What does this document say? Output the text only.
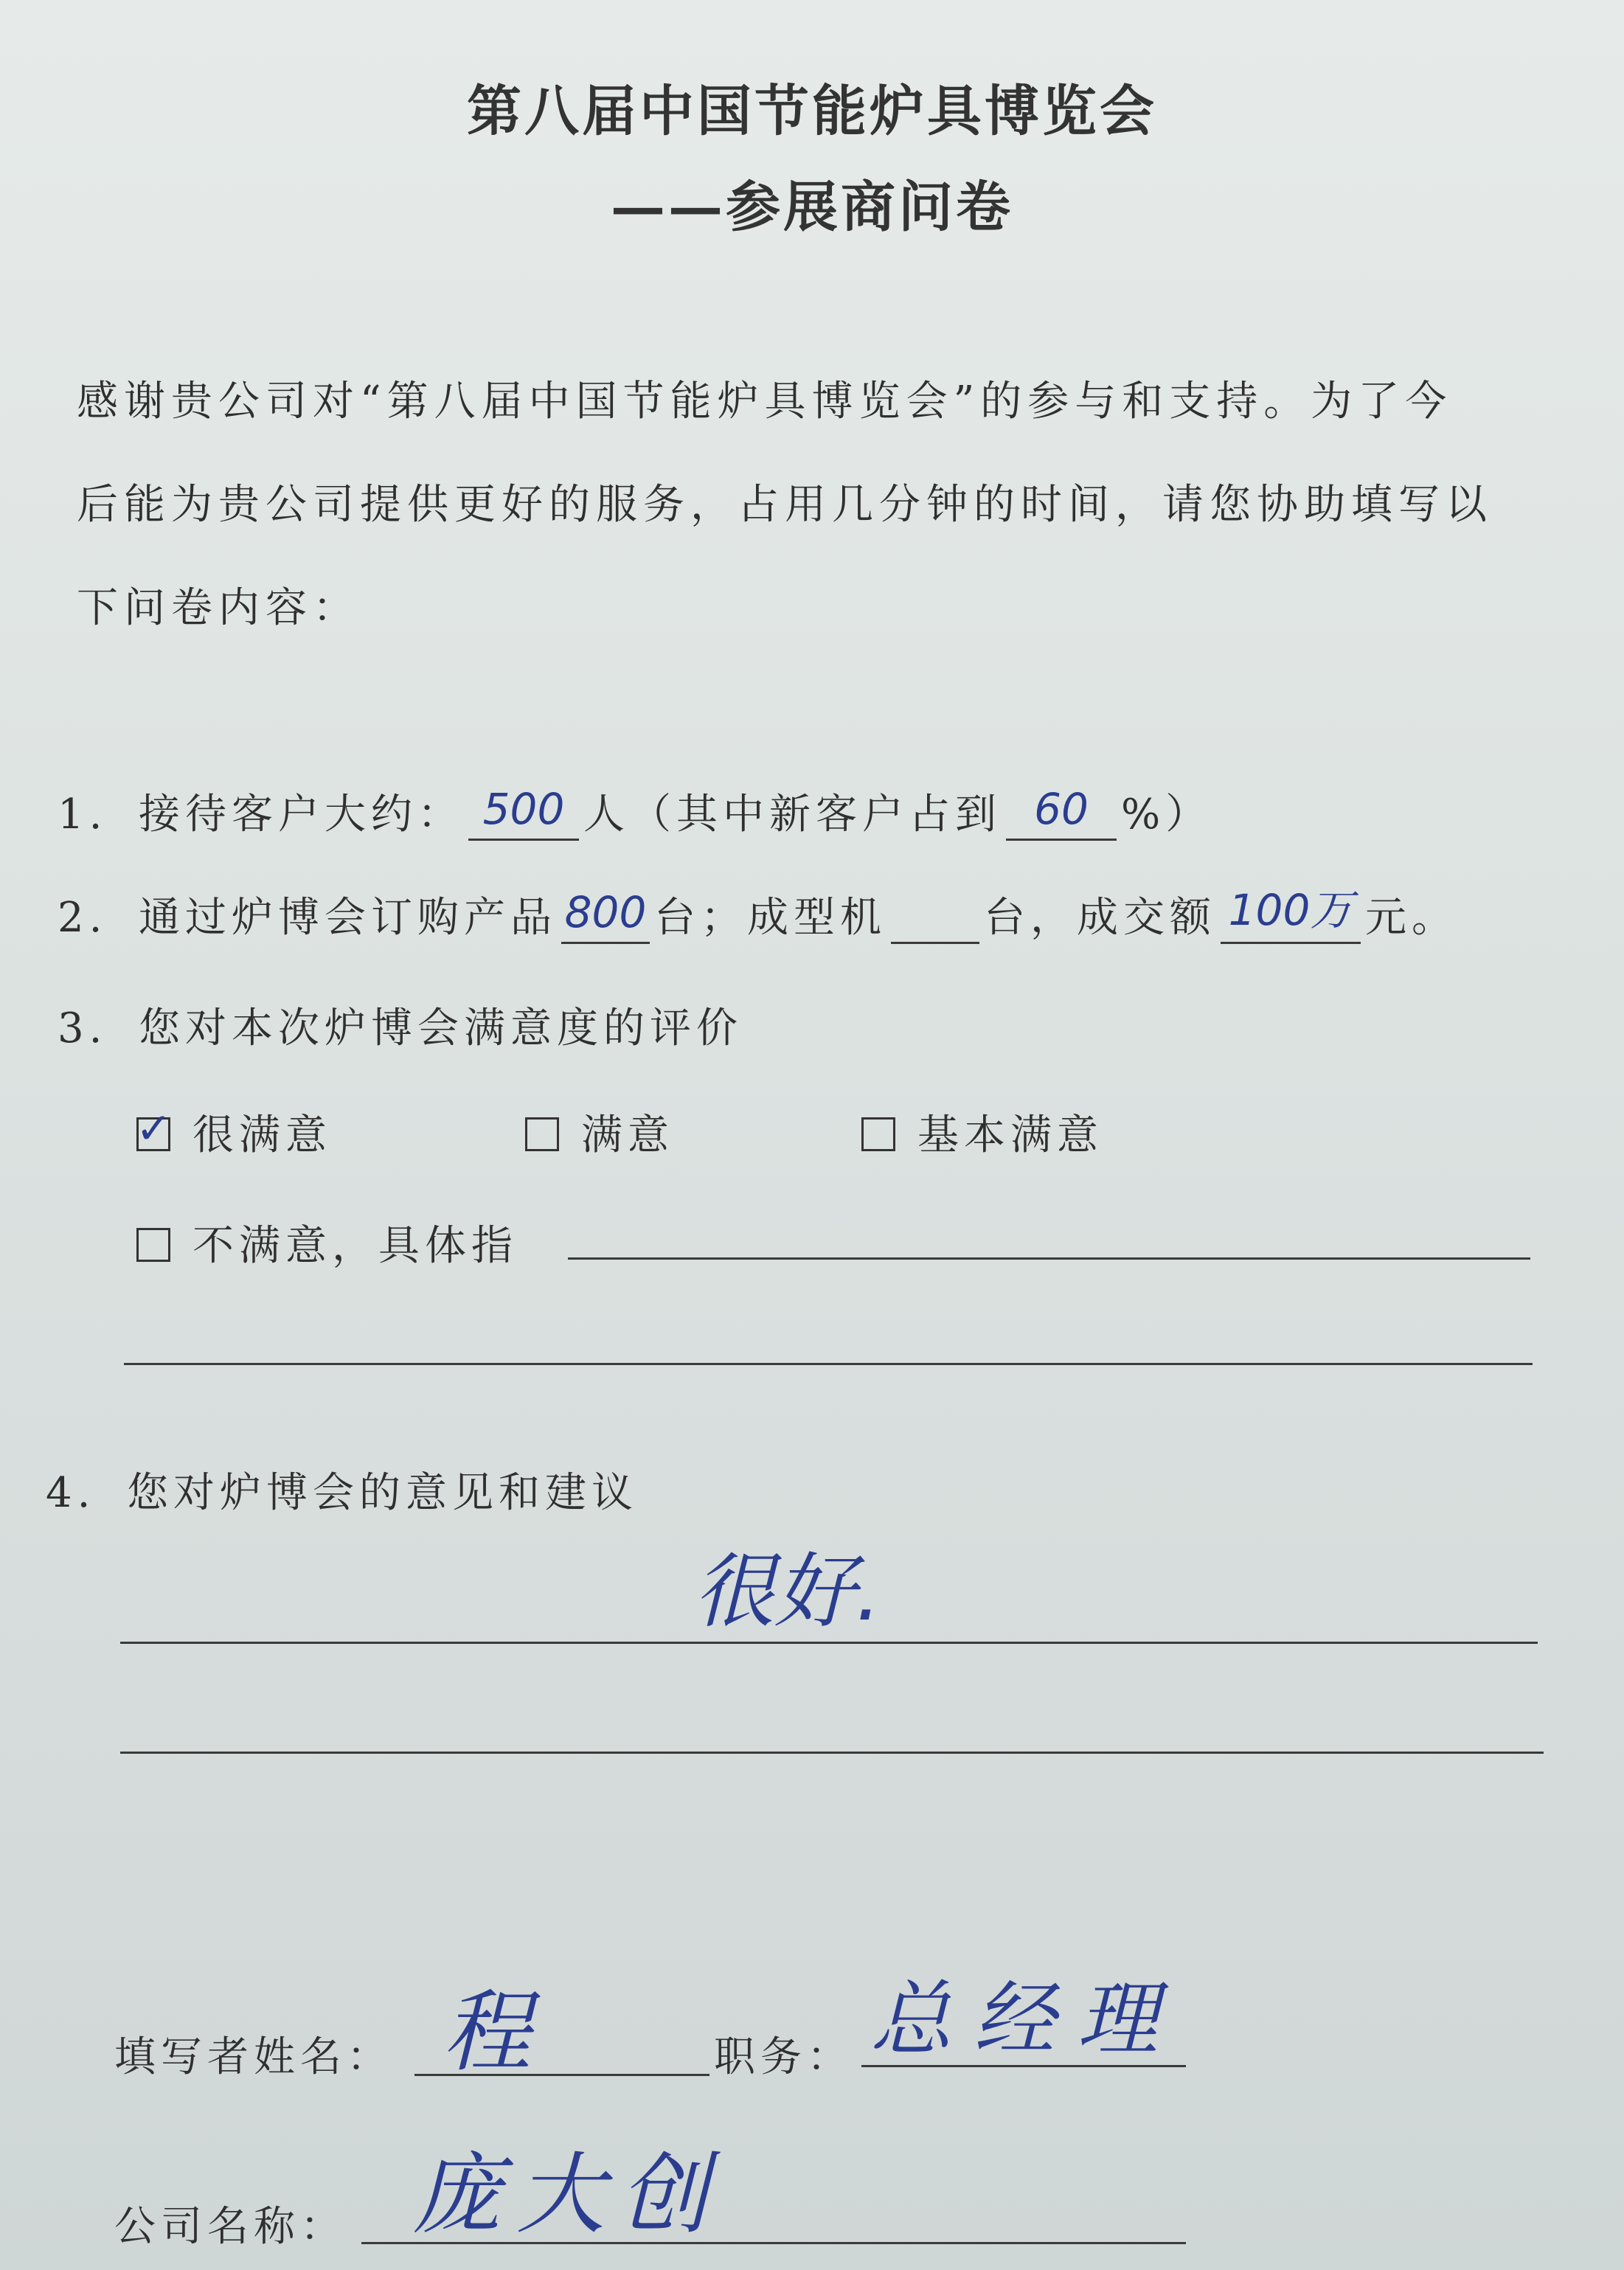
第八届中国节能炉具博览会
——参展商问卷
感谢贵公司对“第八届中国节能炉具博览会”的参与和支持。为了今
后能为贵公司提供更好的服务，占用几分钟的时间，请您协助填写以
下问卷内容：
1. 接待客户大约： 500 人（其中新客户占到 60 %）
2. 通过炉博会订购产品 800 台；成型机 台，成交额 100万 元。
3. 您对本次炉博会满意度的评价
✓ 很满意	满意	基本满意
不满意，具体指
4. 您对炉博会的意见和建议
很好.
填写者姓名： 程	职务： 总经理
公司名称： 庞大创
